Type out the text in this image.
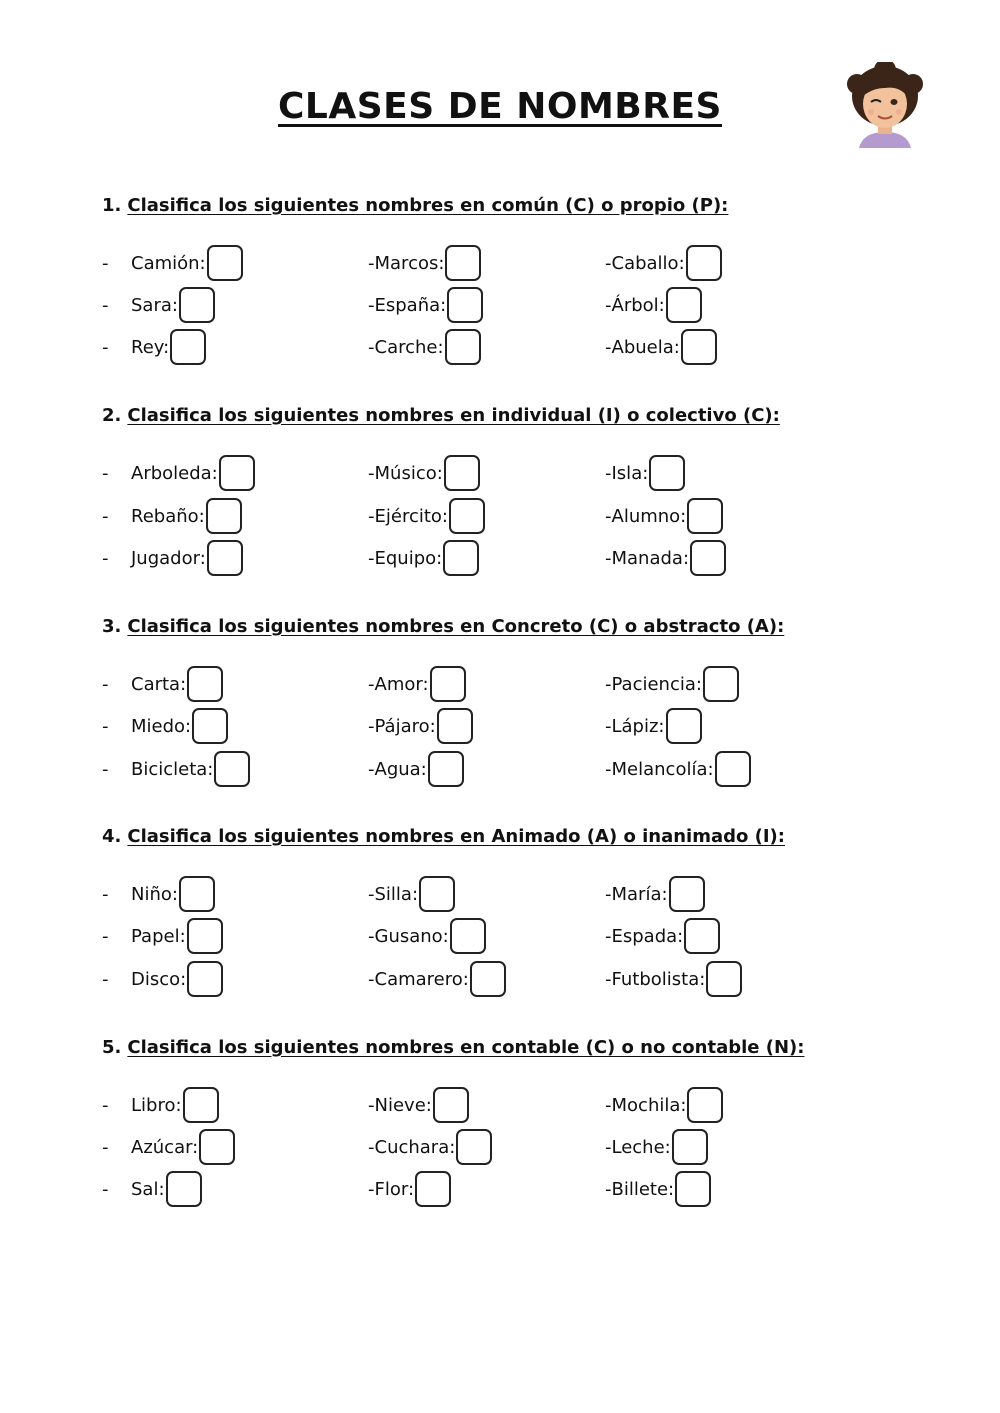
CLASES DE NOMBRES
1. Clasifica los siguientes nombres en común (C) o propio (P):
-	Camión:	- Marcos:	- Caballo:
-	Sara:	- España:	- Árbol:
-	Rey:	- Carche:	- Abuela:
2. Clasifica los siguientes nombres en individual (I) o colectivo (C):
-	Arboleda:	- Músico:	- Isla:
-	Rebaño:	- Ejército:	- Alumno:
-	Jugador:	- Equipo:	- Manada:
3. Clasifica los siguientes nombres en Concreto (C) o abstracto (A):
-	Carta:	- Amor:	- Paciencia:
-	Miedo:	- Pájaro:	- Lápiz:
-	Bicicleta:	- Agua:	- Melancolía:
4. Clasifica los siguientes nombres en Animado (A) o inanimado (I):
-	Niño:	- Silla:	- María:
-	Papel:	- Gusano:	- Espada:
-	Disco:	- Camarero:	- Futbolista:
5. Clasifica los siguientes nombres en contable (C) o no contable (N):
-	Libro:	- Nieve:	- Mochila:
-	Azúcar:	- Cuchara:	- Leche:
-	Sal:	- Flor:	- Billete:
